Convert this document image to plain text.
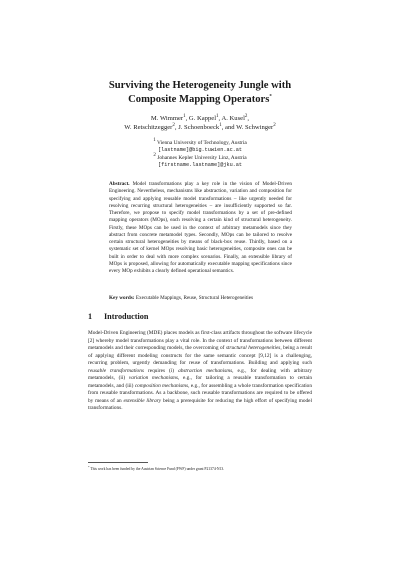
Surviving the Heterogeneity Jungle with
Composite Mapping Operators*
M. Wimmer$^1$, G. Kappel$^1$, A. Kusel$^2$,
W. Retschitzegger$^2$, J. Schoenboeck$^1$, and W. Schwinger$^2$
$^1$ Vienna University of Technology, Austria
[lastname]@big.tuwien.ac.at
$^2$ Johannes Kepler University Linz, Austria
[firstname.lastname]@jku.at
Abstract. Model transformations play a key role in the vision of Model-Driven Engineering. Nevertheless, mechanisms like abstraction, variation and composition for specifying and applying reusable model transformations – like urgently needed for resolving recurring structural heterogeneities – are insufficiently supported so far. Therefore, we propose to specify model transformations by a set of pre-defined mapping operators (MOps), each resolving a certain kind of structural heterogeneity. Firstly, these MOps can be used in the context of arbitrary metamodels since they abstract from concrete metamodel types. Secondly, MOps can be tailored to resolve certain structural heterogeneities by means of black-box reuse. Thirdly, based on a systematic set of kernel MOps resolving basic heterogeneities, composite ones can be built in order to deal with more complex scenarios. Finally, an extensible library of MOps is proposed, allowing for automatically executable mapping specifications since every MOp exhibits a clearly defined operational semantics.
Key words: Executable Mappings, Reuse, Structural Heterogeneities
1 Introduction

Model-Driven Engineering (MDE) places models as first-class artifacts throughout the software lifecycle [2] whereby model transformations play a vital role. In the context of transformations between different metamodels and their corresponding models, the overcoming of structural heterogeneities, being a result of applying different modeling constructs for the same semantic concept [9,12] is a challenging, recurring problem, urgently demanding for reuse of transformations. Building and applying such reusable transformations requires (i) abstraction mechanisms, e.g., for dealing with arbitrary metamodels, (ii) variation mechanisms, e.g., for tailoring a reusable transformation to certain metamodels, and (iii) composition mechanisms, e.g., for assembling a whole transformation specification from reusable transformations. As a backbone, such reusable transformations are required to be offered by means of an extensible library being a prerequisite for reducing the high effort of specifying model transformations.

* This work has been funded by the Austrian Science Fund (FWF) under grant P21374-N13.
